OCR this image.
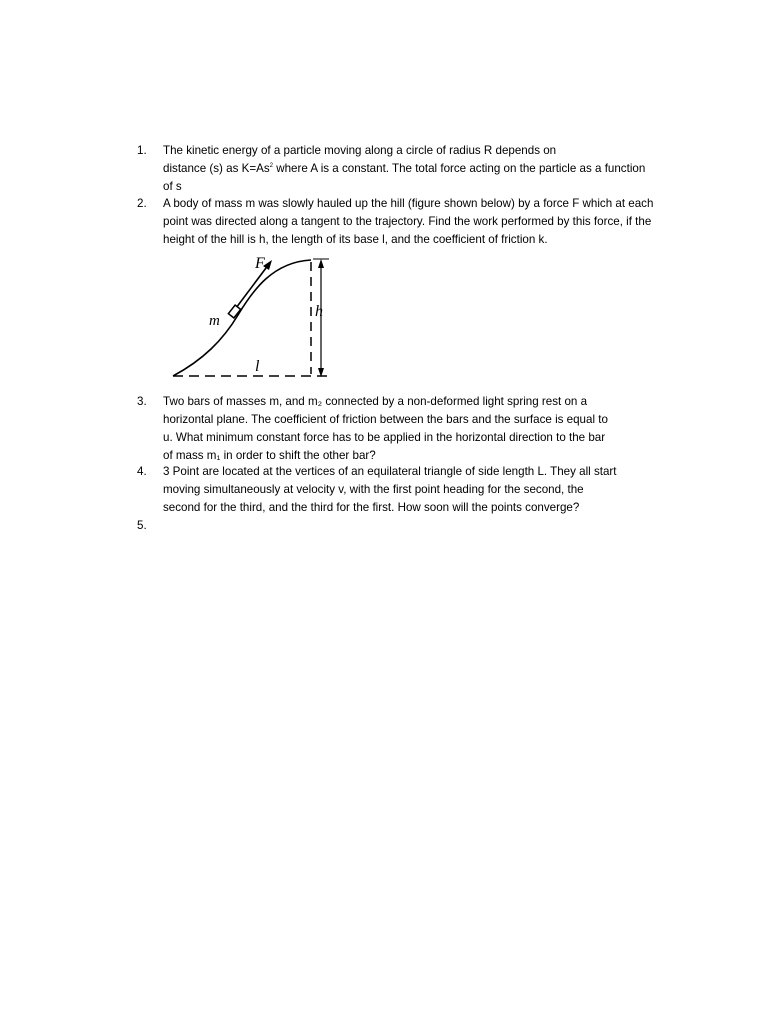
1.	The kinetic energy of a particle moving along a circle of radius R depends on
distance (s) as $K=As^2$ where A is a constant. The total force acting on the particle as a function
of s
2.	A body of mass m was slowly hauled up the hill (figure shown below) by a force F which at each
point was directed along a tangent to the trajectory. Find the work performed by this force, if the
height of the hill is h, the length of its base l, and the coefficient of friction k.
F
m
h
l
3.	Two bars of masses m, and m₂ connected by a non-deformed light spring rest on a
horizontal plane. The coefficient of friction between the bars and the surface is equal to
u. What minimum constant force has to be applied in the horizontal direction to the bar
of mass m₁ in order to shift the other bar?
4.	3 Point are located at the vertices of an equilateral triangle of side length L. They all start
moving simultaneously at velocity v, with the first point heading for the second, the
second for the third, and the third for the first. How soon will the points converge?
5.
